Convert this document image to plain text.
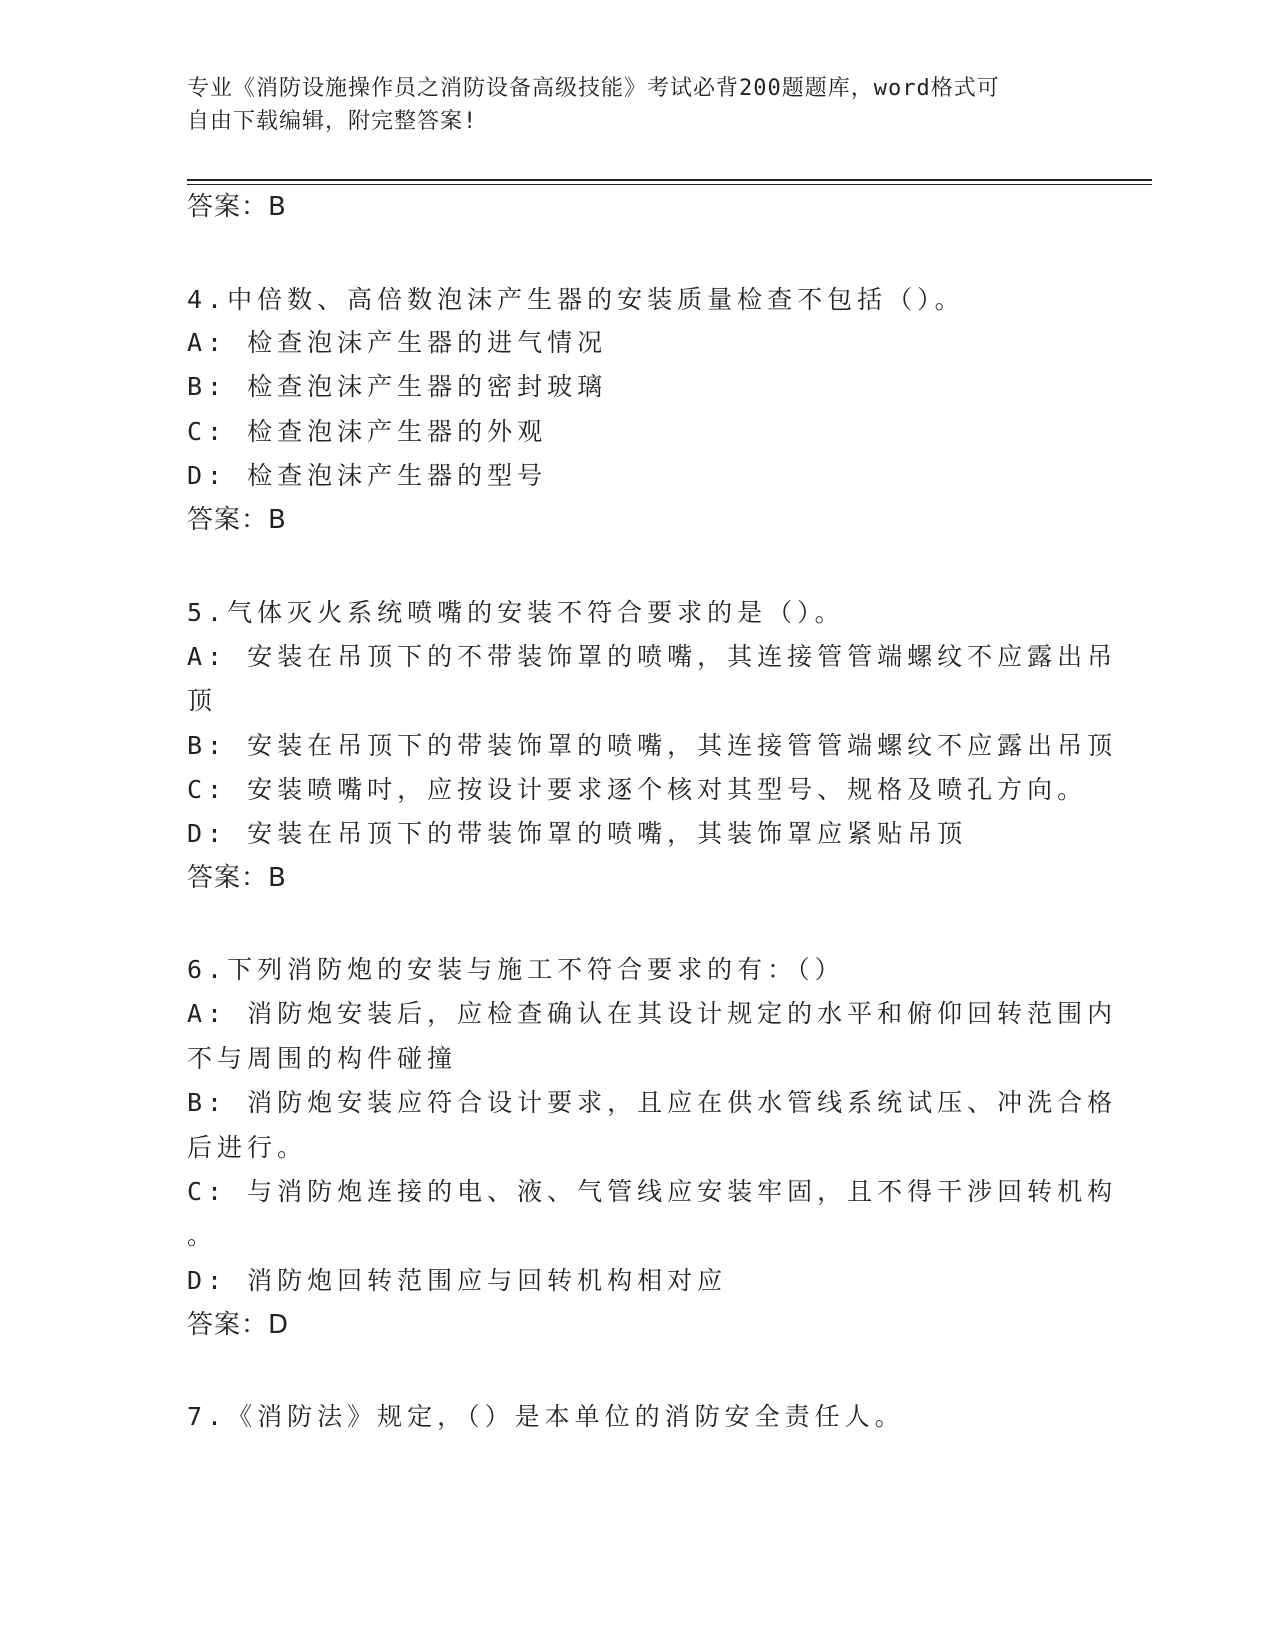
专业《消防设施操作员之消防设备高级技能》考试必背200题题库，word格式可
自由下载编辑，附完整答案!
答案：B
4.中倍数、高倍数泡沫产生器的安装质量检查不包括（）。
A: 检查泡沫产生器的进气情况
B: 检查泡沫产生器的密封玻璃
C: 检查泡沫产生器的外观
D: 检查泡沫产生器的型号
答案：B
5.气体灭火系统喷嘴的安装不符合要求的是（）。
A: 安装在吊顶下的不带装饰罩的喷嘴，其连接管管端螺纹不应露出吊
顶
B: 安装在吊顶下的带装饰罩的喷嘴，其连接管管端螺纹不应露出吊顶
C: 安装喷嘴吋，应按设计要求逐个核对其型号、规格及喷孔方向。
D: 安装在吊顶下的带装饰罩的喷嘴，其装饰罩应紧贴吊顶
答案：B
6.下列消防炮的安装与施工不符合要求的有：（）
A: 消防炮安装后，应检查确认在其设计规定的水平和俯仰回转范围内
不与周围的构件碰撞
B: 消防炮安装应符合设计要求，且应在供水管线系统试压、冲洗合格
后进行。
C: 与消防炮连接的电、液、气管线应安装牢固，且不得干涉回转机构
。
D: 消防炮回转范围应与回转机构相对应
答案：D
7.《消防法》规定，（）是本单位的消防安全责任人。
